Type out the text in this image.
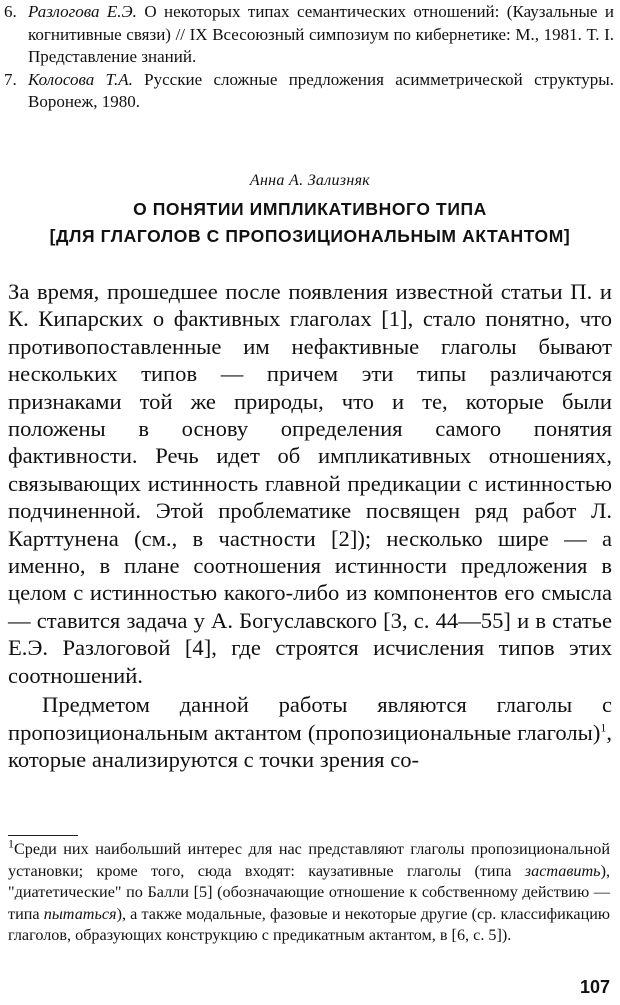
6. Разлогова Е.Э. О некоторых типах семантических отношений: (Каузальные и когнитивные связи) // IX Всесоюзный симпозиум по кибернетике: М., 1981. Т. I. Представление знаний.
7. Колосова Т.А. Русские сложные предложения асимметрической структуры. Воронеж, 1980.
Анна А. Зализняк
О ПОНЯТИИ ИМПЛИКАТИВНОГО ТИПА
[ДЛЯ ГЛАГОЛОВ С ПРОПОЗИЦИОНАЛЬНЫМ АКТАНТОМ]

За время, прошедшее после появления известной статьи П. и К. Кипарских о фактивных глаголах [1], стало понятно, что противопоставленные им нефактивные глаголы бывают нескольких типов — причем эти типы различаются признаками той же природы, что и те, которые были положены в основу определения самого понятия фактивности. Речь идет об импликативных отношениях, связывающих истинность главной предикации с истинностью подчиненной. Этой проблематике посвящен ряд работ Л. Карттунена (см., в частности [2]); несколько шире — а именно, в плане соотношения истинности предложения в целом с истинностью какого-либо из компонентов его смысла — ставится задача у А. Богуславского [3, с. 44—55] и в статье Е.Э. Разлоговой [4], где строятся исчисления типов этих соотношений.

Предметом данной работы являются глаголы с пропозициональным актантом (пропозициональные глаголы)$^1$, которые анализируются с точки зрения со-

$^1$Среди них наибольший интерес для нас представляют глаголы пропозициональной установки; кроме того, сюда входят: каузативные глаголы (типа заставить), "диатетические" по Балли [5] (обозначающие отношение к собственному действию — типа пытаться), а также модальные, фазовые и некоторые другие (ср. классификацию глаголов, образующих конструкцию с предикатным актантом, в [6, с. 5]).

107
